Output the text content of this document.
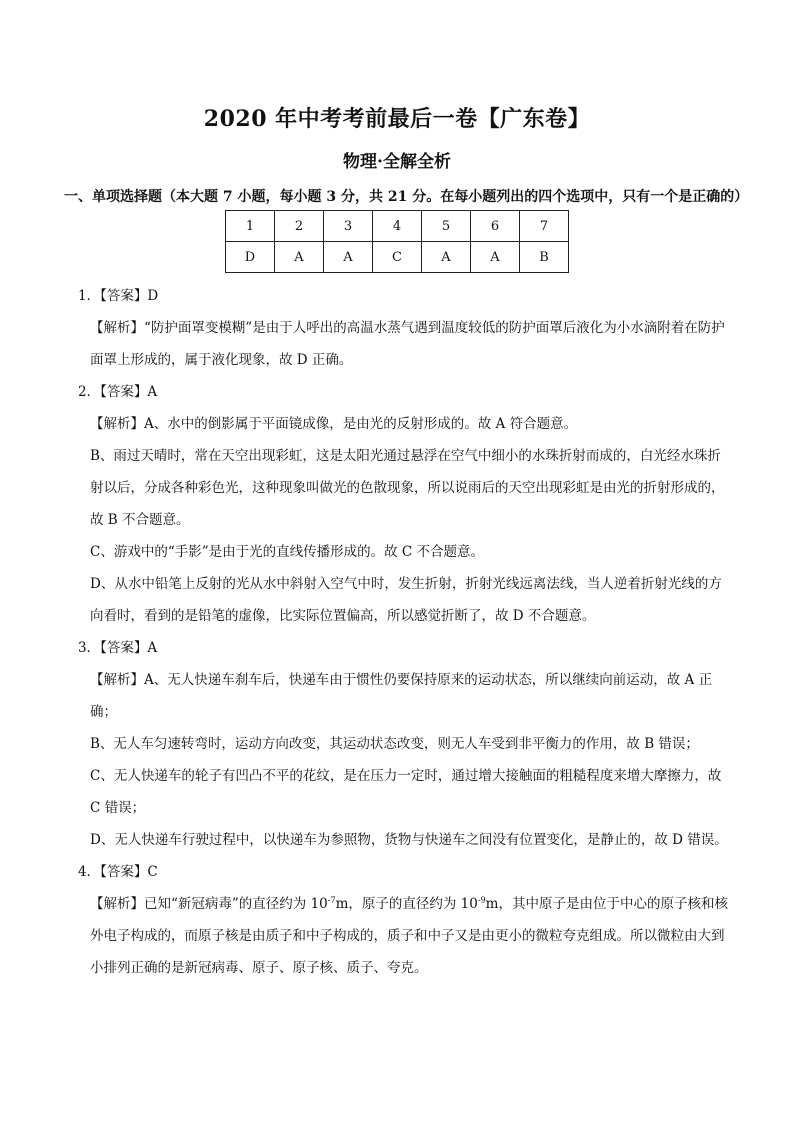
2020 年中考考前最后一卷【广东卷】
物理·全解全析
一、单项选择题（本大题 7 小题，每小题 3 分，共 21 分。在每小题列出的四个选项中，只有一个是正确的）
1	2	3	4	5	6	7
D	A	A	C	A	A	B
1．【答案】D

【解析】“防护面罩变模糊”是由于人呼出的高温水蒸气遇到温度较低的防护面罩后液化为小水滴附着在防护面罩上形成的，属于液化现象，故 D 正确。

2．【答案】A

【解析】A、水中的倒影属于平面镜成像，是由光的反射形成的。故 A 符合题意。

B、雨过天晴时，常在天空出现彩虹，这是太阳光通过悬浮在空气中细小的水珠折射而成的，白光经水珠折射以后，分成各种彩色光，这种现象叫做光的色散现象，所以说雨后的天空出现彩虹是由光的折射形成的，故 B 不合题意。

C、游戏中的“手影”是由于光的直线传播形成的。故 C 不合题意。

D、从水中铅笔上反射的光从水中斜射入空气中时，发生折射，折射光线远离法线，当人逆着折射光线的方向看时，看到的是铅笔的虚像，比实际位置偏高，所以感觉折断了，故 D 不合题意。

3．【答案】A

【解析】A、无人快递车刹车后，快递车由于惯性仍要保持原来的运动状态，所以继续向前运动，故 A 正确；

B、无人车匀速转弯时，运动方向改变，其运动状态改变，则无人车受到非平衡力的作用，故 B 错误；

C、无人快递车的轮子有凹凸不平的花纹，是在压力一定时，通过增大接触面的粗糙程度来增大摩擦力，故 C 错误；

D、无人快递车行驶过程中，以快递车为参照物，货物与快递车之间没有位置变化，是静止的，故 D 错误。

4．【答案】C

【解析】已知“新冠病毒”的直径约为 $10^{-7}m$，原子的直径约为 $10^{-9}m$，其中原子是由位于中心的原子核和核外电子构成的，而原子核是由质子和中子构成的，质子和中子又是由更小的微粒夸克组成。所以微粒由大到小排列正确的是新冠病毒、原子、原子核、质子、夸克。
